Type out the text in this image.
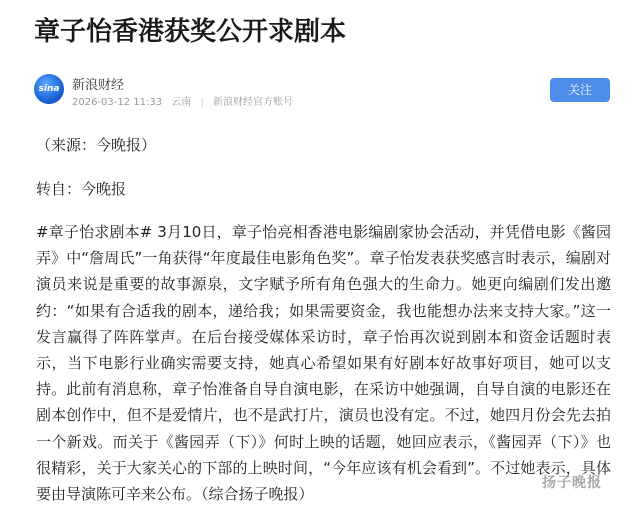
章子怡香港获奖公开求剧本
sina 新浪财经
2026-03-12 11:33 云南 | 新浪财经官方账号
关注
（来源：今晚报）
转自：今晚报
#章子怡求剧本# 3月10日，章子怡亮相香港电影编剧家协会活动，并凭借电影《酱园弄》中“詹周氏”一角获得“年度最佳电影角色奖”。章子怡发表获奖感言时表示，编剧对演员来说是重要的故事源泉，文字赋予所有角色强大的生命力。她更向编剧们发出邀约：“如果有合适我的剧本，递给我；如果需要资金，我也能想办法来支持大家。”这一发言赢得了阵阵掌声。在后台接受媒体采访时，章子怡再次说到剧本和资金话题时表示，当下电影行业确实需要支持，她真心希望如果有好剧本好故事好项目，她可以支持。此前有消息称，章子怡准备自导自演电影，在采访中她强调，自导自演的电影还在剧本创作中，但不是爱情片，也不是武打片，演员也没有定。不过，她四月份会先去拍一个新戏。而关于《酱园弄（下）》何时上映的话题，她回应表示，《酱园弄（下）》也很精彩，关于大家关心的下部的上映时间，“今年应该有机会看到”。不过她表示，具体要由导演陈可辛来公布。（综合扬子晚报）
扬子晚报
